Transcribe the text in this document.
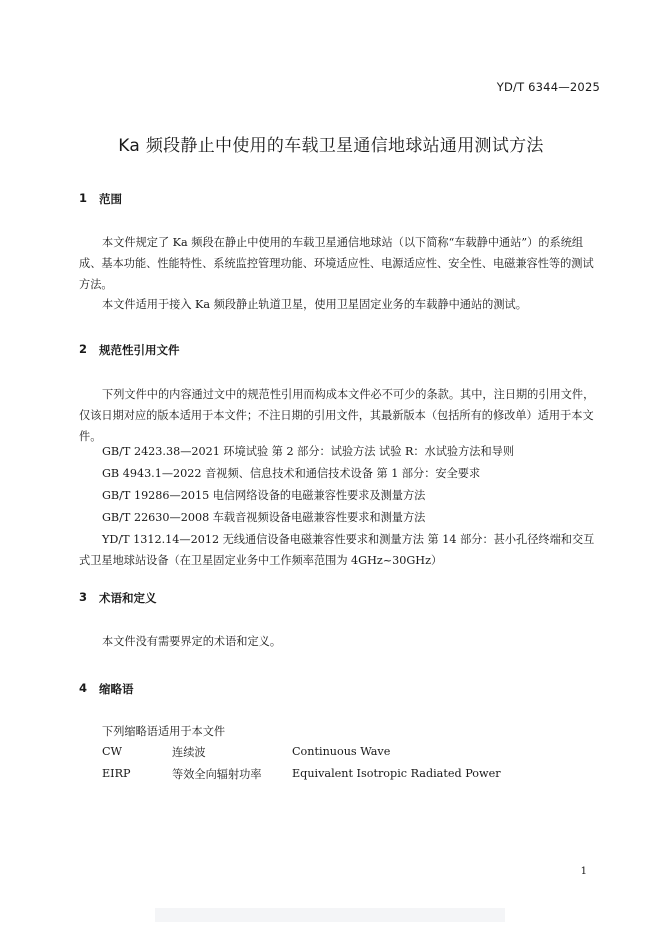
YD/T 6344—2025
Ka 频段静止中使用的车载卫星通信地球站通用测试方法
1 范围

本文件规定了 Ka 频段在静止中使用的车载卫星通信地球站（以下简称“车载静中通站”）的系统组成、基本功能、性能特性、系统监控管理功能、环境适应性、电源适应性、安全性、电磁兼容性等的测试方法。

本文件适用于接入 Ka 频段静止轨道卫星，使用卫星固定业务的车载静中通站的测试。

2 规范性引用文件

下列文件中的内容通过文中的规范性引用而构成本文件必不可少的条款。其中，注日期的引用文件，仅该日期对应的版本适用于本文件；不注日期的引用文件，其最新版本（包括所有的修改单）适用于本文件。

GB/T 2423.38—2021 环境试验 第 2 部分：试验方法 试验 R：水试验方法和导则

GB 4943.1—2022 音视频、信息技术和通信技术设备 第 1 部分：安全要求

GB/T 19286—2015 电信网络设备的电磁兼容性要求及测量方法

GB/T 22630—2008 车载音视频设备电磁兼容性要求和测量方法

YD/T 1312.14—2012 无线通信设备电磁兼容性要求和测量方法 第 14 部分：甚小孔径终端和交互式卫星地球站设备（在卫星固定业务中工作频率范围为 4GHz~30GHz）

3 术语和定义

本文件没有需要界定的术语和定义。

4 缩略语

下列缩略语适用于本文件

CW	连续波	Continuous Wave
EIRP	等效全向辐射功率	Equivalent Isotropic Radiated Power
1
